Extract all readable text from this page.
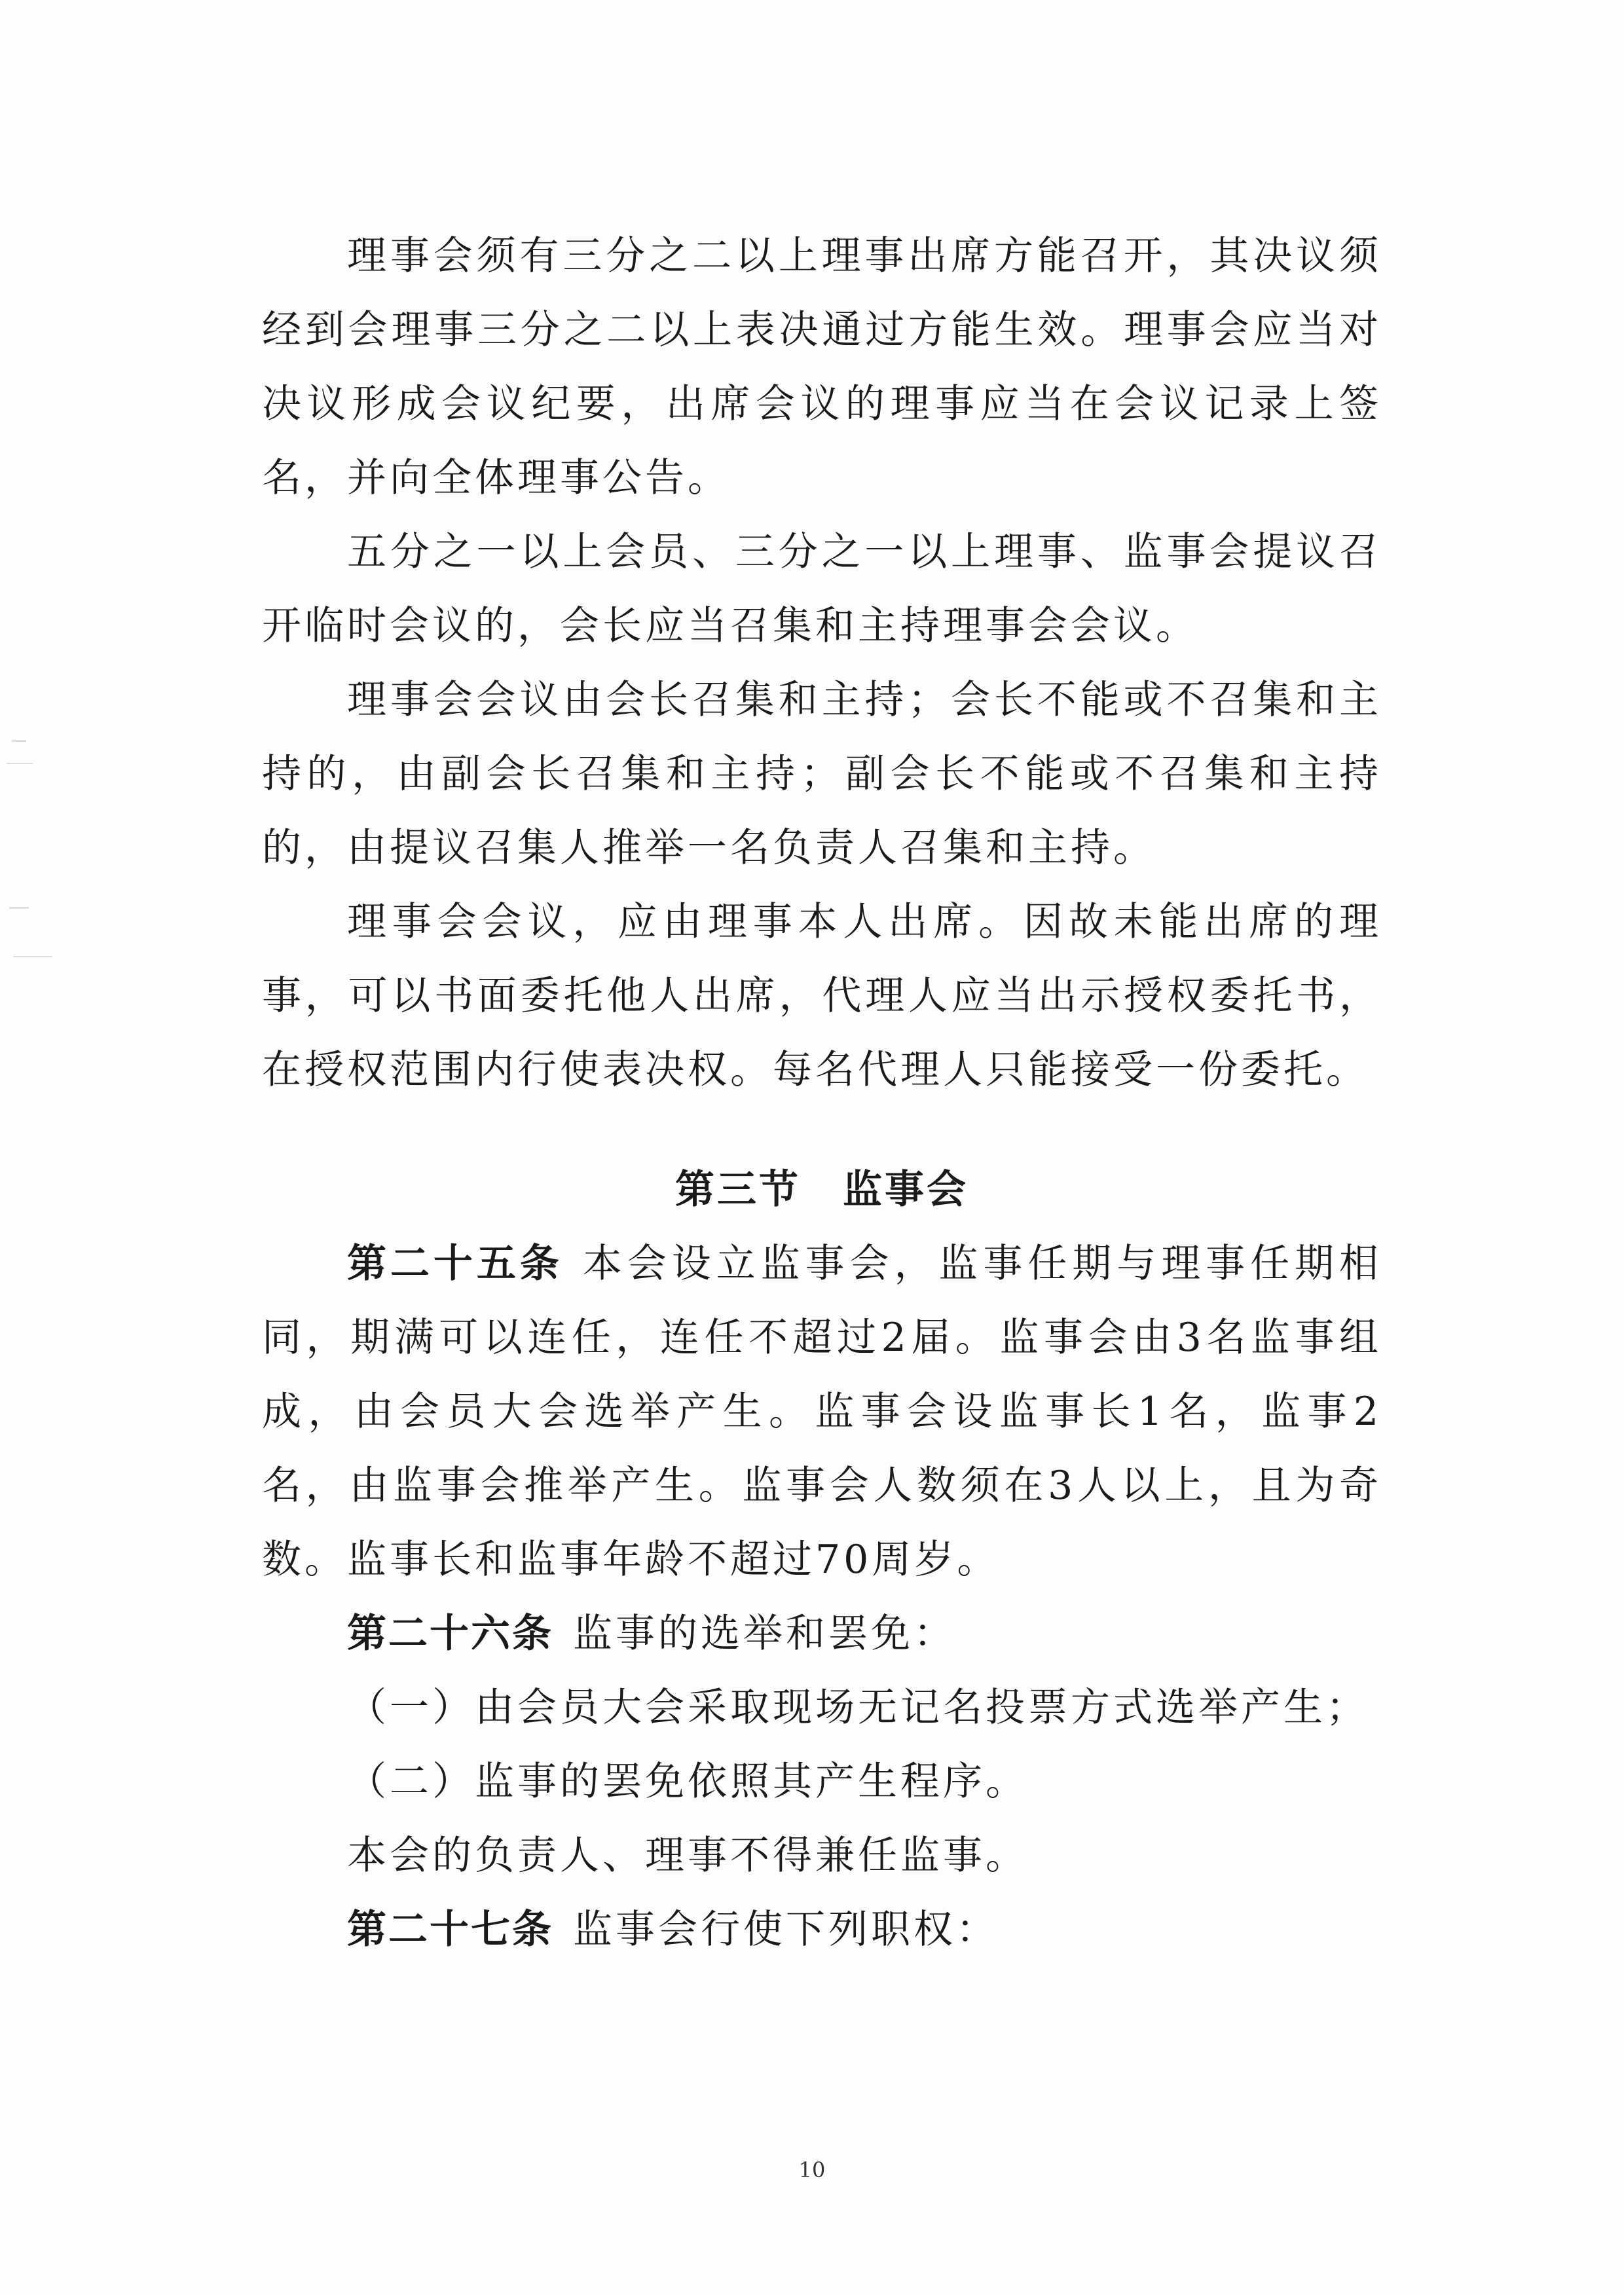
理事会须有三分之二以上理事出席方能召开，其决议须经到会理事三分之二以上表决通过方能生效。理事会应当对决议形成会议纪要，出席会议的理事应当在会议记录上签名，并向全体理事公告。

五分之一以上会员、三分之一以上理事、监事会提议召开临时会议的，会长应当召集和主持理事会会议。

理事会会议由会长召集和主持；会长不能或不召集和主持的，由副会长召集和主持；副会长不能或不召集和主持的，由提议召集人推举一名负责人召集和主持。

理事会会议，应由理事本人出席。因故未能出席的理事，可以书面委托他人出席，代理人应当出示授权委托书，在授权范围内行使表决权。每名代理人只能接受一份委托。

第三节　监事会

第二十五条 本会设立监事会，监事任期与理事任期相同，期满可以连任，连任不超过2届。监事会由3名监事组成，由会员大会选举产生。监事会设监事长1名，监事2名，由监事会推举产生。监事会人数须在3人以上，且为奇数。监事长和监事年龄不超过70周岁。

第二十六条 监事的选举和罢免：

（一）由会员大会采取现场无记名投票方式选举产生；

（二）监事的罢免依照其产生程序。

本会的负责人、理事不得兼任监事。

第二十七条 监事会行使下列职权：

10
